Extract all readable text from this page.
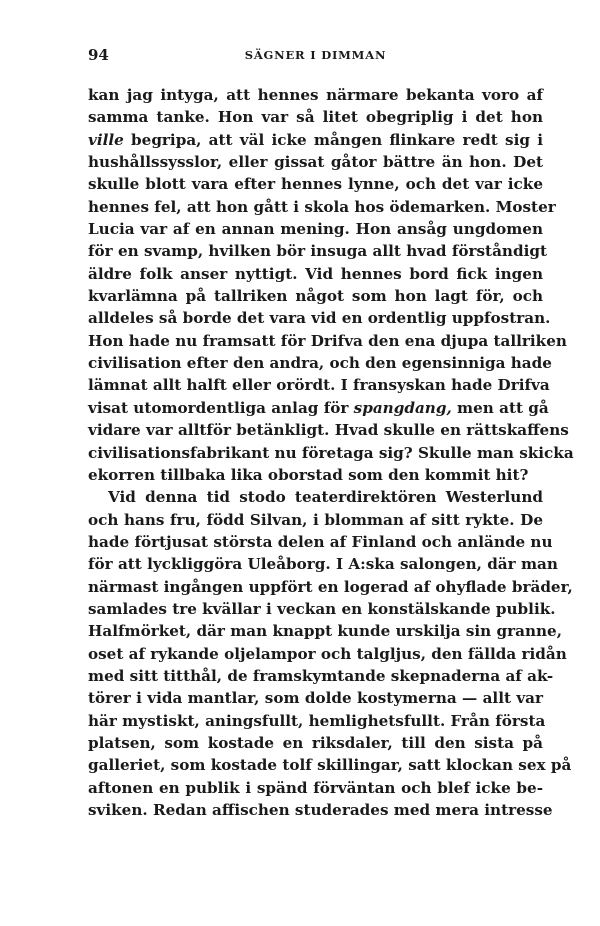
94	SÄGNER I DIMMAN
kan jag intyga, att hennes närmare bekanta voro af
samma tanke. Hon var så litet obegriplig i det hon
ville begripa, att väl icke mången flinkare redt sig i
hushållssysslor, eller gissat gåtor bättre än hon. Det
skulle blott vara efter hennes lynne, och det var icke
hennes fel, att hon gått i skola hos ödemarken. Moster
Lucia var af en annan mening. Hon ansåg ungdomen
för en svamp, hvilken bör insuga allt hvad förståndigt
äldre folk anser nyttigt. Vid hennes bord fick ingen
kvarlämna på tallriken något som hon lagt för, och
alldeles så borde det vara vid en ordentlig uppfostran.
Hon hade nu framsatt för Drifva den ena djupa tallriken
civilisation efter den andra, och den egensinniga hade
lämnat allt halft eller orördt. I fransyskan hade Drifva
visat utomordentliga anlag för spangdang, men att gå
vidare var alltför betänkligt. Hvad skulle en rättskaffens
civilisationsfabrikant nu företaga sig? Skulle man skicka
ekorren tillbaka lika oborstad som den kommit hit?
Vid denna tid stodo teaterdirektören Westerlund
och hans fru, född Silvan, i blomman af sitt rykte. De
hade förtjusat största delen af Finland och anlände nu
för att lyckliggöra Uleåborg. I A:ska salongen, där man
närmast ingången uppfört en logerad af ohyflade bräder,
samlades tre kvällar i veckan en konstälskande publik.
Halfmörket, där man knappt kunde urskilja sin granne,
oset af rykande oljelampor och talgljus, den fällda ridån
med sitt titthål, de framskymtande skepnaderna af ak-
törer i vida mantlar, som dolde kostymerna — allt var
här mystiskt, aningsfullt, hemlighetsfullt. Från första
platsen, som kostade en riksdaler, till den sista på
galleriet, som kostade tolf skillingar, satt klockan sex på
aftonen en publik i spänd förväntan och blef icke be-
sviken. Redan affischen studerades med mera intresse
